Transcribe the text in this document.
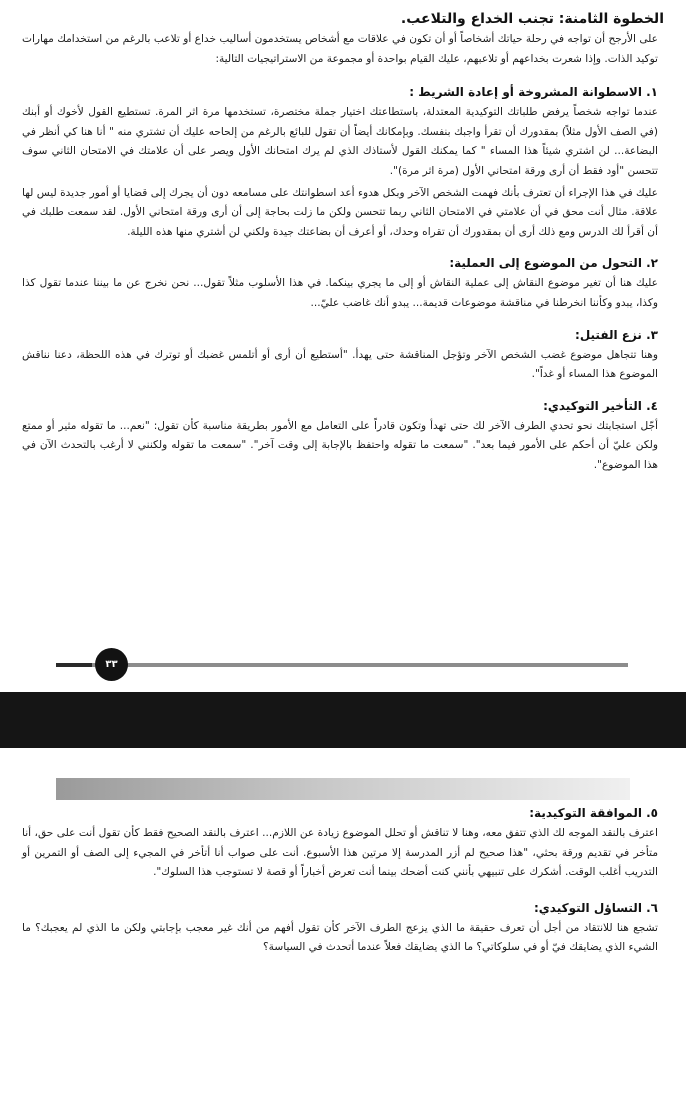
الخطوة الثامنة: تجنب الخداع والتلاعب.

على الأرجح أن تواجه في رحلة حياتك أشخاصاً أو أن تكون في علاقات مع أشخاص يستخدمون أساليب خداع أو تلاعب بالرغم من استخدامك مهارات توكيد الذات. وإذا شعرت بخداعهم أو تلاعبهم، عليك القيام بواحدة أو مجموعة من الاستراتيجيات التالية:

١. الاسطوانة المشروخة أو إعادة الشريط :

عندما تواجه شخصاً يرفض طلباتك التوكيدية المعتدلة، باستطاعتك اختيار جملة مختصرة، تستخدمها مرة اثر المرة. تستطيع القول لأخوك أو أبنك (في الصف الأول مثلاً) بمقدورك أن تقرأ واجبك بنفسك. وبإمكانك أيضاً أن تقول للبائع بالرغم من إلحاحه عليك أن تشتري منه " أنا هنا كي أنظر في البضاعة... لن اشتري شيئاً هذا المساء " كما يمكنك القول لأستاذك الذي لم يرك امتحانك الأول ويصر على أن علامتك في الامتحان الثاني سوف تتحسن "أود فقط أن أرى ورقة امتحاني الأول (مرة اثر مرة)".

عليك في هذا الإجراء أن تعترف بأنك فهمت الشخص الآخر وبكل هدوء أعد اسطوانتك على مسامعه دون أن يجرك إلى قضايا أو أمور جديدة ليس لها علاقة. مثال أنت محق في أن علامتي في الامتحان الثاني ربما تتحسن ولكن ما زلت بحاجة إلى أن أرى ورقة امتحاني الأول. لقد سمعت طلبك في أن أقرأ لك الدرس ومع ذلك أرى أن بمقدورك أن تقراه وحدك، أو أعرف أن بضاعتك جيدة ولكني لن أشتري منها هذه الليلة.

٢. التحول من الموضوع إلى العملية:

عليك هنا أن تغير موضوع النقاش إلى عملية النقاش أو إلى ما يجري بينكما. في هذا الأسلوب مثلاً تقول... نحن نخرج عن ما بيننا عندما تقول كذا وكذا، يبدو وكأننا انخرطنا في مناقشة موضوعات قديمة... يبدو أنك غاضب عليّ...

٣. نزع الفتيل:

وهنا تتجاهل موضوع غضب الشخص الآخر وتؤجل المناقشة حتى يهدأ. "أستطيع أن أرى أو أتلمس غضبك أو توترك في هذه اللحظة، دعنا نناقش الموضوع هذا المساء أو غداً".

٤. التأخير التوكيدي:

أجّل استجابتك نحو تحدي الطرف الآخر لك حتى تهدأ وتكون قادراً على التعامل مع الأمور بطريقة مناسبة كأن تقول: "نعم... ما تقوله مثير أو ممتع ولكن عليّ أن أحكم على الأمور فيما بعد". "سمعت ما تقوله واحتفظ بالإجابة إلى وقت آخر". "سمعت ما تقوله ولكنني لا أرغب بالتحدث الآن في هذا الموضوع".

٣٣
٥. الموافقة التوكيدية:

اعترف بالنقد الموجه لك الذي تتفق معه، وهنا لا تناقش أو تحلل الموضوع زيادة عن اللازم... اعترف بالنقد الصحيح فقط كأن تقول أنت على حق، أنا متأخر في تقديم ورقة بحثي، "هذا صحيح لم أزر المدرسة إلا مرتين هذا الأسبوع. أنت على صواب أنا أتأخر في المجيء إلى الصف أو التمرين أو التدريب أغلب الوقت. أشكرك على تنبيهي بأنني كنت أضحك بينما أنت تعرض أخباراً أو قصة لا تستوجب هذا السلوك".

٦. التساؤل التوكيدي:

تشجع هنا للانتقاد من أجل أن تعرف حقيقة ما الذي يزعج الطرف الآخر كأن تقول أفهم من أنك غير معجب بإجابتي ولكن ما الذي لم يعجبك؟ ما الشيء الذي يضايقك فيّ أو في سلوكاتي؟ ما الذي يضايقك فعلاً عندما أتحدث في السياسة؟
